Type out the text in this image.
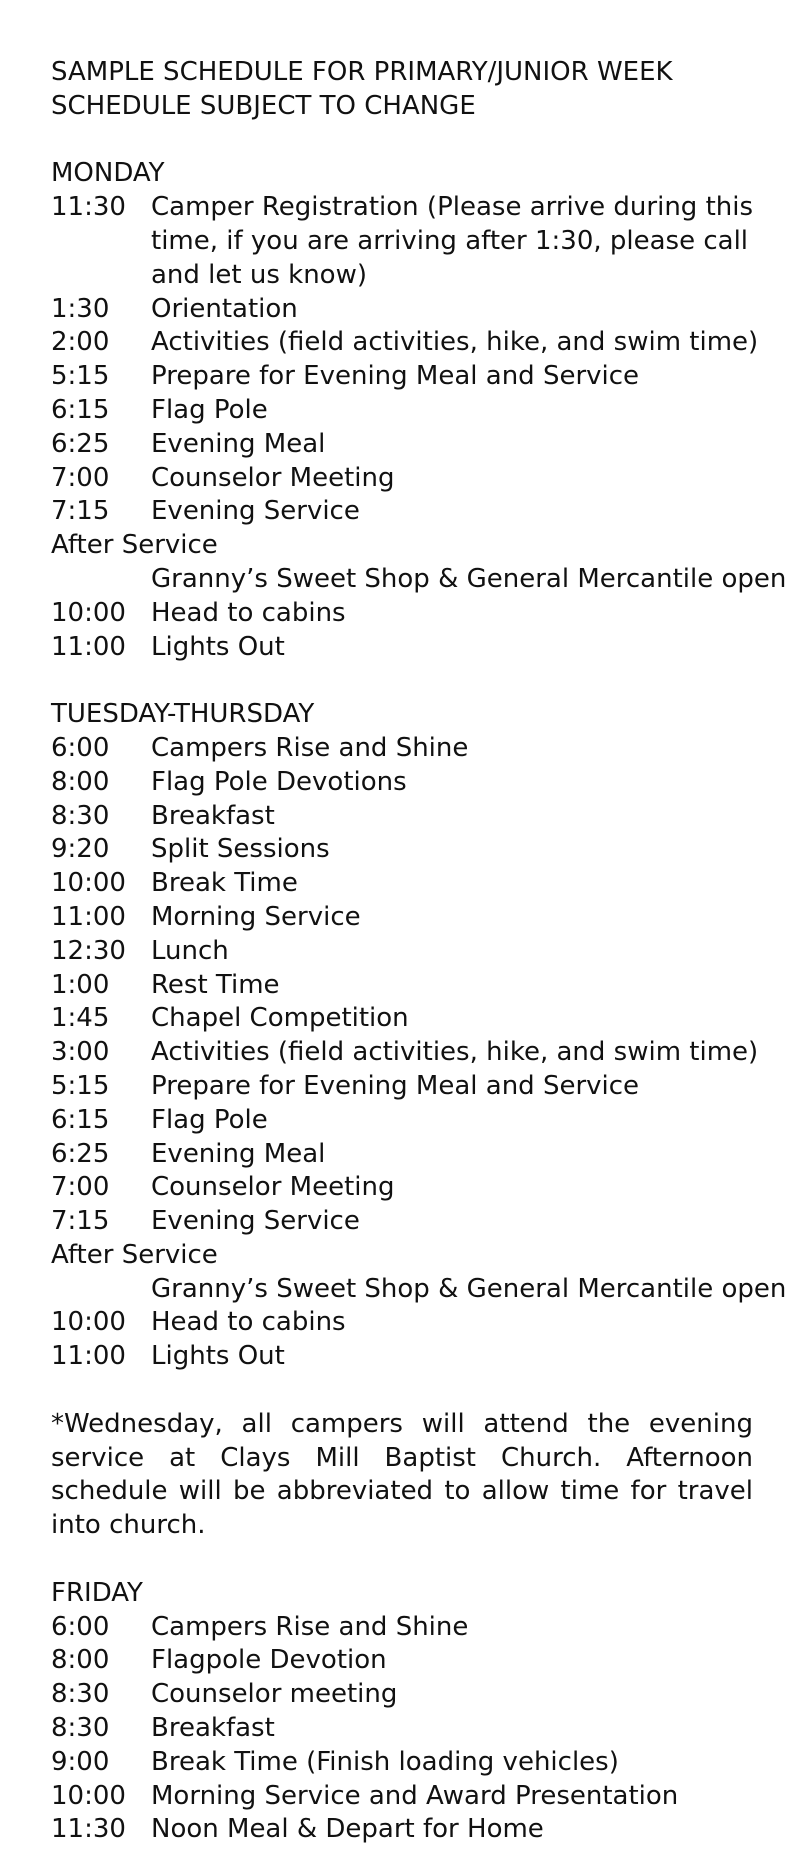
SAMPLE SCHEDULE FOR PRIMARY/JUNIOR WEEK
SCHEDULE SUBJECT TO CHANGE
MONDAY
11:30 Camper Registration (Please arrive during this time, if you are arriving after 1:30, please call and let us know)
1:30	Orientation
2:00	Activities (field activities, hike, and swim time)
5:15	Prepare for Evening Meal and Service
6:15	Flag Pole
6:25	Evening Meal
7:00	Counselor Meeting
7:15	Evening Service
After Service
Granny’s Sweet Shop & General Mercantile open
10:00 Head to cabins
11:00 Lights Out
TUESDAY-THURSDAY
6:00	Campers Rise and Shine
8:00	Flag Pole Devotions
8:30	Breakfast
9:20	Split Sessions
10:00 Break Time
11:00 Morning Service
12:30 Lunch
1:00	Rest Time
1:45	Chapel Competition
3:00	Activities (field activities, hike, and swim time)
5:15	Prepare for Evening Meal and Service
6:15	Flag Pole
6:25	Evening Meal
7:00	Counselor Meeting
7:15	Evening Service
After Service
Granny’s Sweet Shop & General Mercantile open
10:00 Head to cabins
11:00 Lights Out
*Wednesday, all campers will attend the evening service at Clays Mill Baptist Church. Afternoon schedule will be abbreviated to allow time for travel into church.
FRIDAY
6:00	Campers Rise and Shine
8:00	Flagpole Devotion
8:30	Counselor meeting
8:30	Breakfast
9:00	Break Time (Finish loading vehicles)
10:00 Morning Service and Award Presentation
11:30 Noon Meal & Depart for Home
